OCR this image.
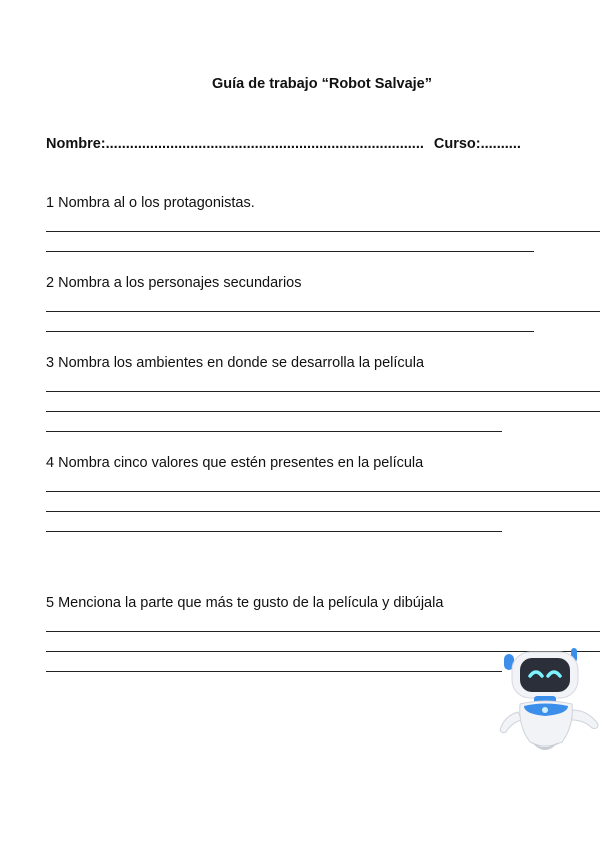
Guía de trabajo “Robot Salvaje”
Nombre:............................................................................... Curso:..........
1 Nombra al o los protagonistas.
2 Nombra a los personajes secundarios
3 Nombra los ambientes en donde se desarrolla la película
4 Nombra cinco valores que estén presentes en la película
5 Menciona la parte que más te gusto de la película y dibújala
